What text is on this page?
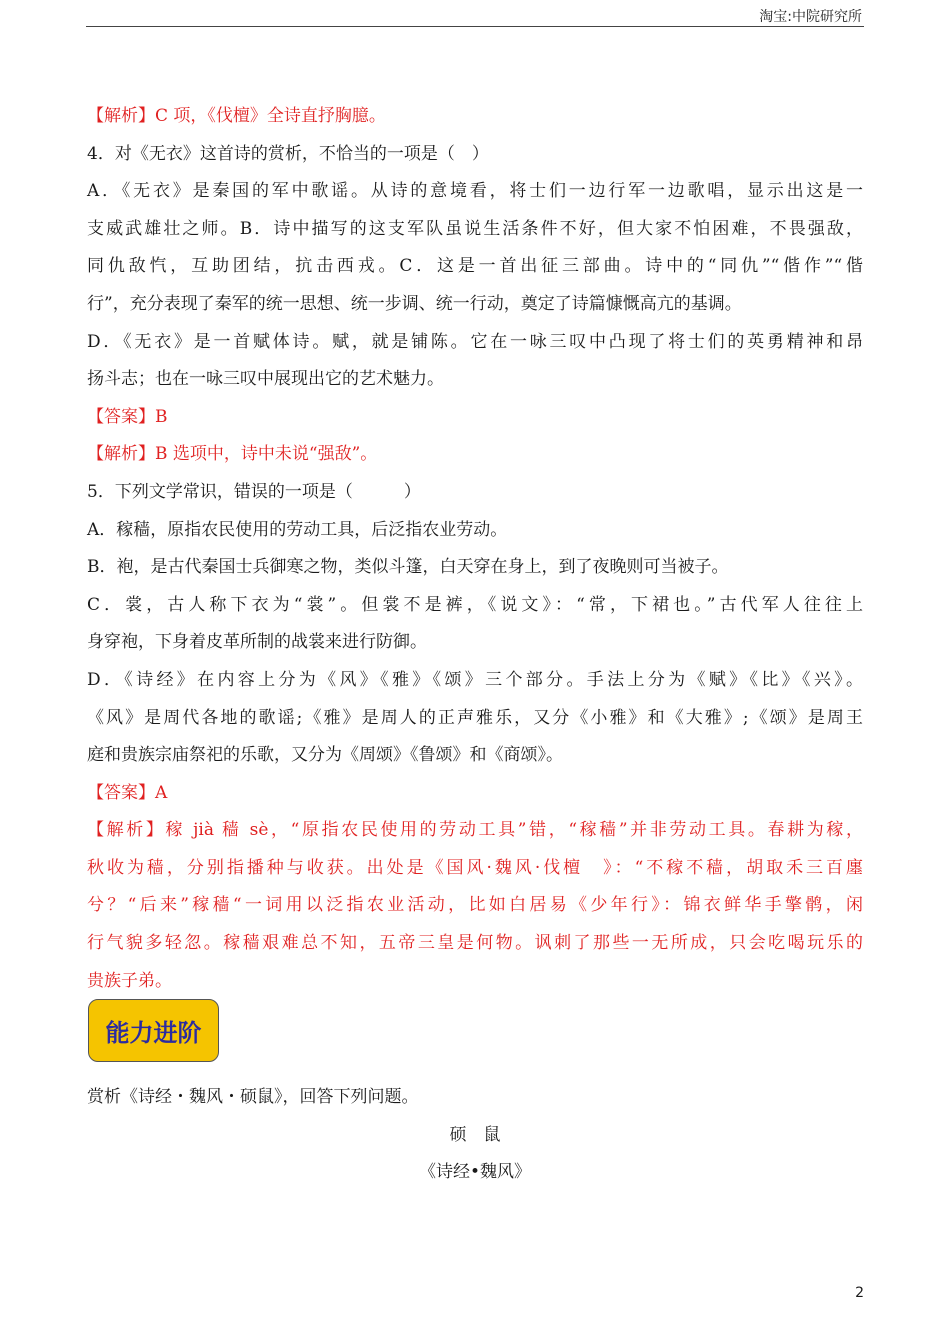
淘宝:中院研究所
【解析】C 项，《伐檀》全诗直抒胸臆。
4．对《无衣》这首诗的赏析，不恰当的一项是（　）
A．《无衣》是秦国的军中歌谣。从诗的意境看，将士们一边行军一边歌唱，显示出这是一
支威武雄壮之师。B．诗中描写的这支军队虽说生活条件不好，但大家不怕困难，不畏强敌，
同仇敌忾，互助团结，抗击西戎。C．这是一首出征三部曲。诗中的“同仇”“偕作”“偕
行”，充分表现了秦军的统一思想、统一步调、统一行动，奠定了诗篇慷慨高亢的基调。
D．《无衣》是一首赋体诗。赋，就是铺陈。它在一咏三叹中凸现了将士们的英勇精神和昂
扬斗志；也在一咏三叹中展现出它的艺术魅力。
【答案】B
【解析】B 选项中，诗中未说“强敌”。
5．下列文学常识，错误的一项是（　　　）
A．稼穑，原指农民使用的劳动工具，后泛指农业劳动。
B．袍，是古代秦国士兵御寒之物，类似斗篷，白天穿在身上，到了夜晚则可当被子。
C．裳，古人称下衣为“裳”。但裳不是裤，《说文》：“常，下裙也。”古代军人往往上
身穿袍，下身着皮革所制的战裳来进行防御。
D．《诗经》在内容上分为《风》《雅》《颂》三个部分。手法上分为《赋》《比》《兴》。
《风》是周代各地的歌谣;《雅》是周人的正声雅乐，又分《小雅》和《大雅》;《颂》是周王
庭和贵族宗庙祭祀的乐歌，又分为《周颂》《鲁颂》和《商颂》。
【答案】A
【解析】稼 jià 穑 sè，“原指农民使用的劳动工具”错，“稼穑”并非劳动工具。春耕为稼，
秋收为穑，分别指播种与收获。出处是《国风·魏风·伐檀　》：“不稼不穑，胡取禾三百廛
兮？“后来”稼穑“一词用以泛指农业活动，比如白居易《少年行》：锦衣鲜华手擎鹘，闲
行气貌多轻忽。稼穑艰难总不知，五帝三皇是何物。讽刺了那些一无所成，只会吃喝玩乐的
贵族子弟。
能力进阶
赏析《诗经・魏风・硕鼠》，回答下列问题。
硕　鼠
《诗经•魏风》
2
